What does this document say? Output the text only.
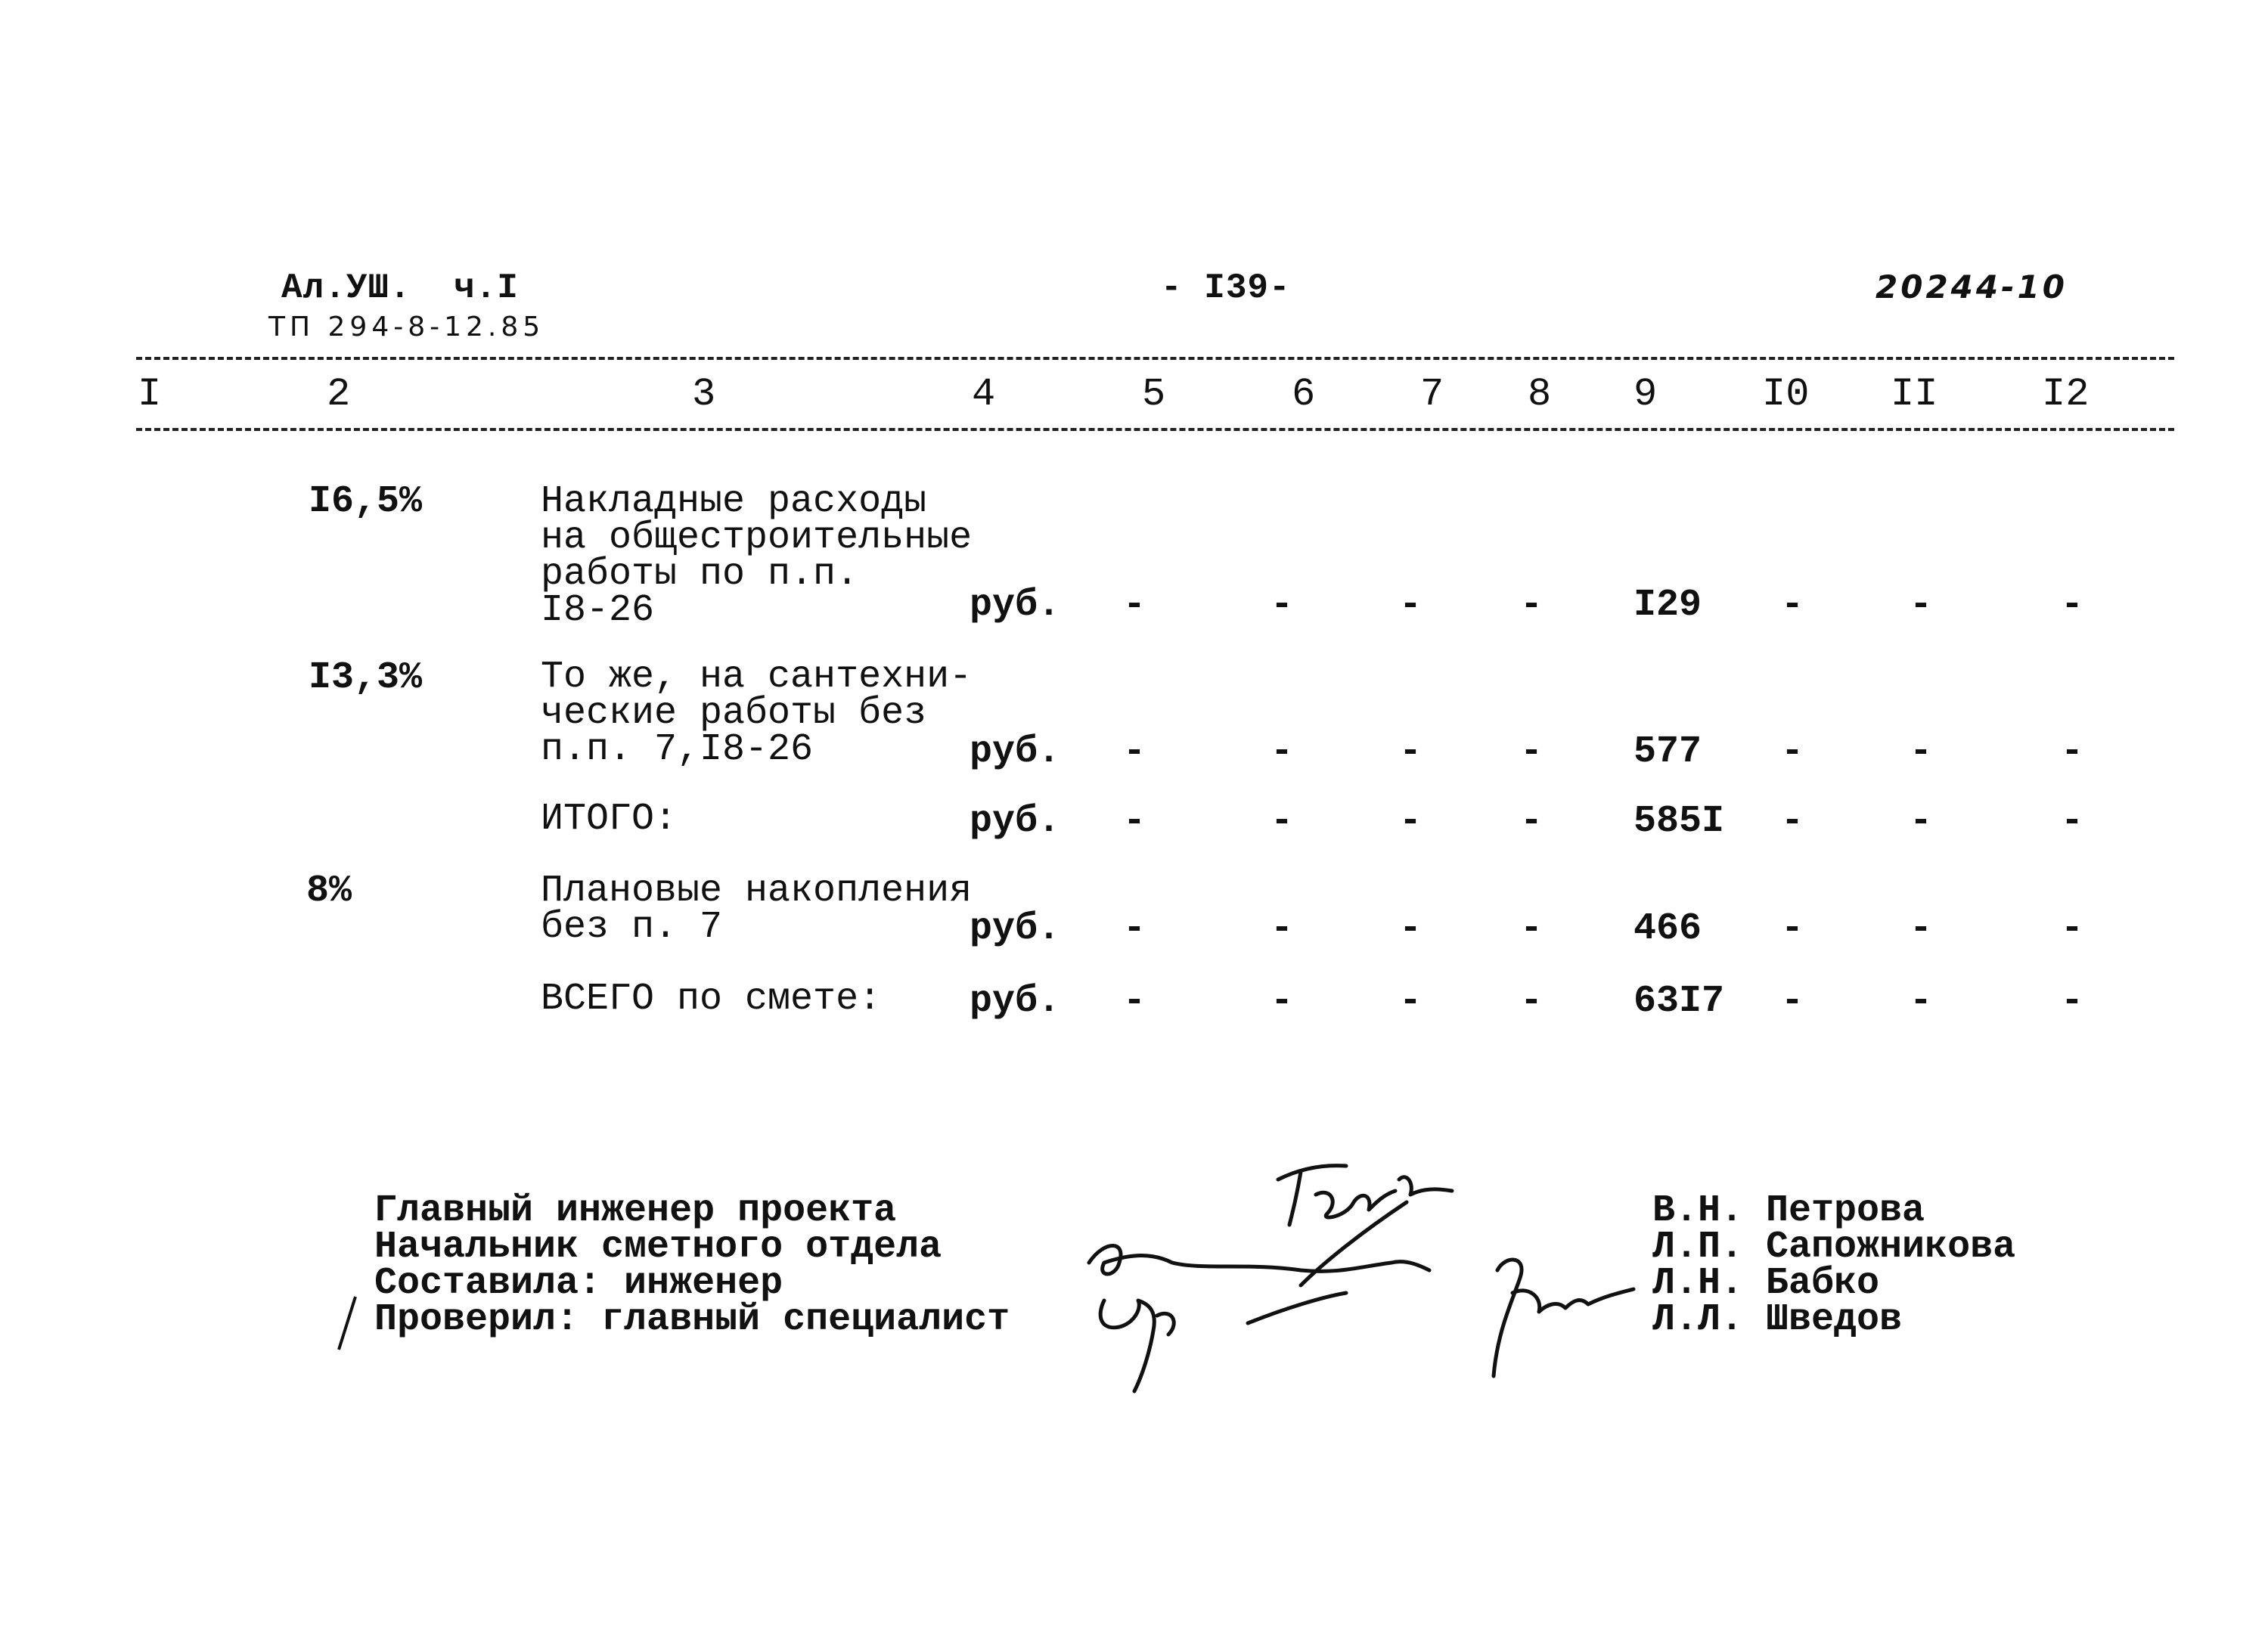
Ал.УШ. ч.I
ТП 294-8-12.85
- I39-	20244-10
I	2	3	4	5	6	7 8 9	I0 II	I2
I6,5%	Накладные расходы
на общестроительные
работы по п.п.
I8-26	руб. -	-	-	- I29 -	-	-
I3,3%	То же, на сантехни-
ческие работы без
п.п. 7,I8-26	руб. -	-	-	- 577 -	-	-
ИТОГО:	руб. -	-	-	- 585I -	-	-
8%	Плановые накопления
без п. 7	руб. -	-	-	- 466 -	-	-
ВСЕГО по смете: руб. -	-	-	- 63I7 -	-	-
Главный инженер проекта
Начальник сметного отдела
Составила: инженер
Проверил: главный специалист
В.Н. Петрова
Л.П. Сапожникова
Л.Н. Бабко
Л.Л. Шведов
